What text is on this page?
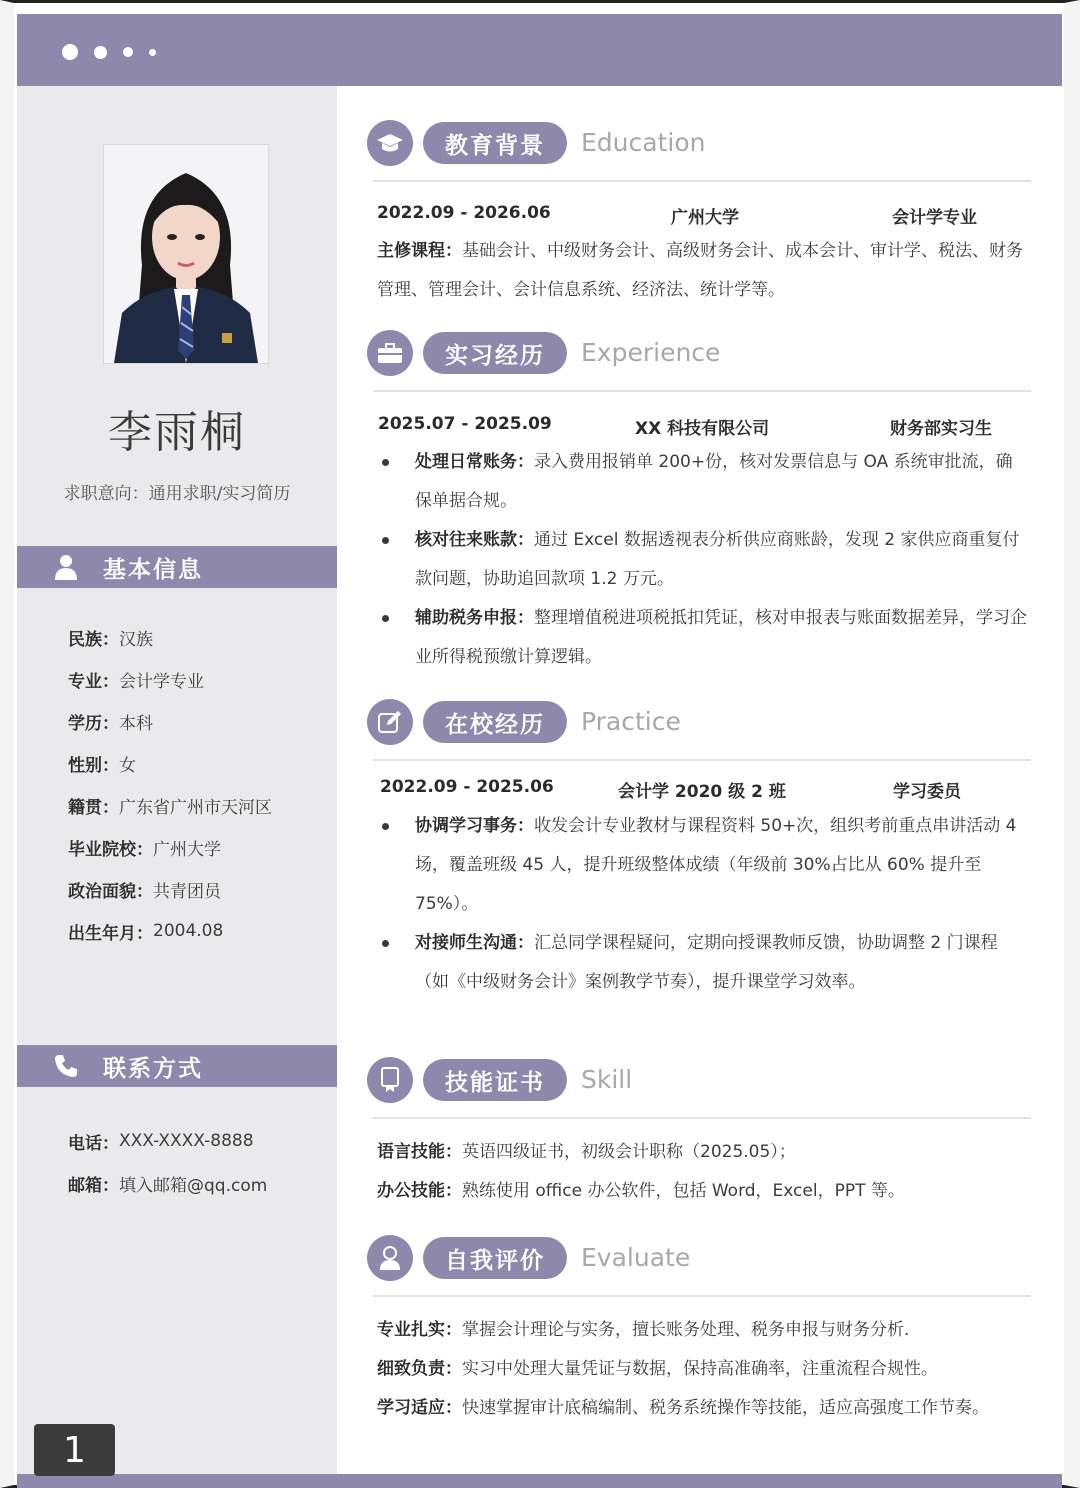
李雨桐
求职意向：通用求职/实习简历
基本信息
民族： 汉族
专业： 会计学专业
学历： 本科
性别： 女
籍贯： 广东省广州市天河区
毕业院校： 广州大学
政治面貌： 共青团员
出生年月： 2004.08
联系方式
电话： XXX-XXXX-8888
邮箱： 填入邮箱@qq.com
教育背景	Education
2022.09 - 2026.06	广州大学	会计学专业
主修课程：基础会计、中级财务会计、高级财务会计、成本会计、审计学、税法、财务管理、管理会计、会计信息系统、经济法、统计学等。
实习经历	Experience
2025.07 - 2025.09	XX 科技有限公司	财务部实习生
处理日常账务：录入费用报销单 200+份，核对发票信息与 OA 系统审批流，确保单据合规。
核对往来账款：通过 Excel 数据透视表分析供应商账龄，发现 2 家供应商重复付款问题，协助追回款项 1.2 万元。
辅助税务申报：整理增值税进项税抵扣凭证，核对申报表与账面数据差异，学习企业所得税预缴计算逻辑。
在校经历	Practice
2022.09 - 2025.06	会计学 2020 级 2 班	学习委员
协调学习事务：收发会计专业教材与课程资料 50+次，组织考前重点串讲活动 4 场，覆盖班级 45 人，提升班级整体成绩（年级前 30%占比从 60% 提升至 75%）。
对接师生沟通：汇总同学课程疑问，定期向授课教师反馈，协助调整 2 门课程（如《中级财务会计》案例教学节奏），提升课堂学习效率。
技能证书	Skill
语言技能：英语四级证书，初级会计职称（2025.05）；
办公技能：熟练使用 office 办公软件，包括 Word，Excel，PPT 等。
自我评价	Evaluate
专业扎实：掌握会计理论与实务，擅长账务处理、税务申报与财务分析.
细致负责：实习中处理大量凭证与数据，保持高准确率，注重流程合规性。
学习适应：快速掌握审计底稿编制、税务系统操作等技能，适应高强度工作节奏。
1
